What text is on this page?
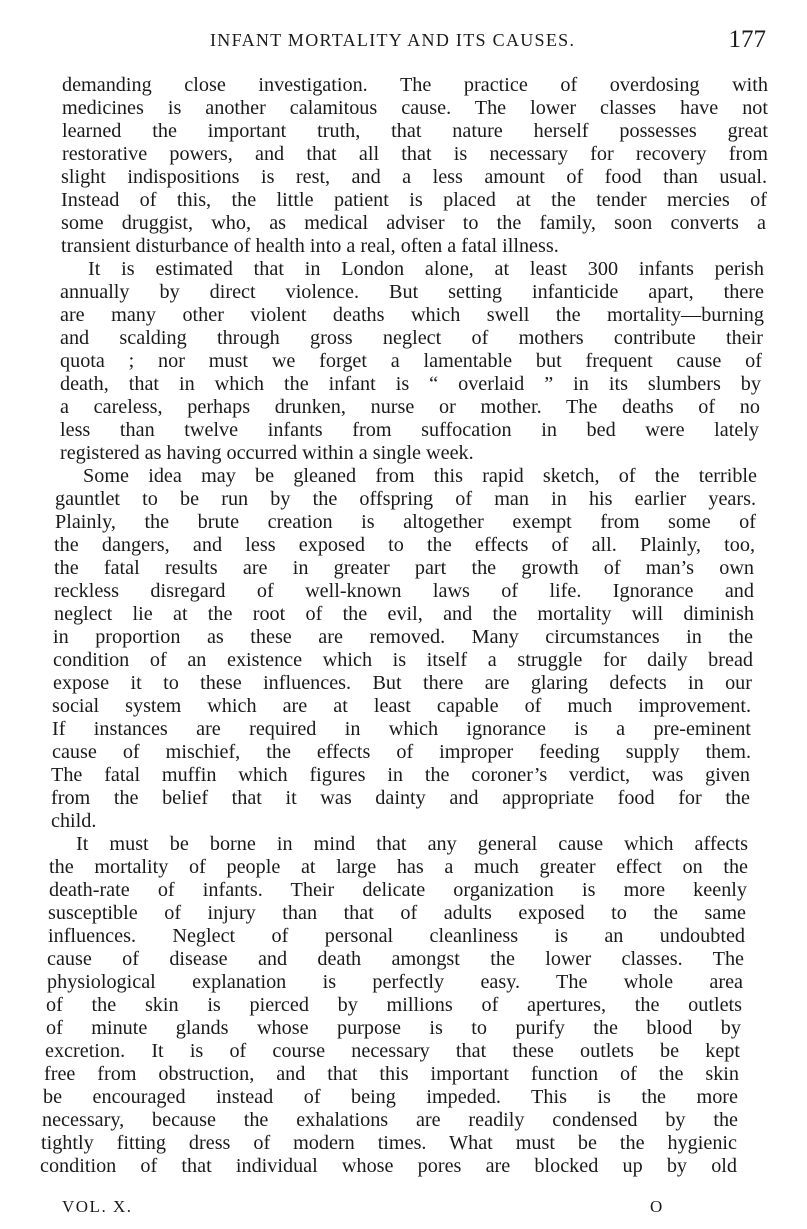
INFANT MORTALITY AND ITS CAUSES.	177
demanding close investigation. The practice of overdosing with
medicines is another calamitous cause. The lower classes have not
learned the important truth, that nature herself possesses great
restorative powers, and that all that is necessary for recovery from
slight indispositions is rest, and a less amount of food than usual.
Instead of this, the little patient is placed at the tender mercies of
some druggist, who, as medical adviser to the family, soon converts a
transient disturbance of health into a real, often a fatal illness.
It is estimated that in London alone, at least 300 infants perish
annually by direct violence. But setting infanticide apart, there
are many other violent deaths which swell the mortality—burning
and scalding through gross neglect of mothers contribute their
quota ; nor must we forget a lamentable but frequent cause of
death, that in which the infant is “ overlaid ” in its slumbers by
a careless, perhaps drunken, nurse or mother. The deaths of no
less than twelve infants from suffocation in bed were lately
registered as having occurred within a single week.
Some idea may be gleaned from this rapid sketch, of the terrible
gauntlet to be run by the offspring of man in his earlier years.
Plainly, the brute creation is altogether exempt from some of
the dangers, and less exposed to the effects of all. Plainly, too,
the fatal results are in greater part the growth of man’s own
reckless disregard of well-known laws of life. Ignorance and
neglect lie at the root of the evil, and the mortality will diminish
in proportion as these are removed. Many circumstances in the
condition of an existence which is itself a struggle for daily bread
expose it to these influences. But there are glaring defects in our
social system which are at least capable of much improvement.
If instances are required in which ignorance is a pre-eminent
cause of mischief, the effects of improper feeding supply them.
The fatal muffin which figures in the coroner’s verdict, was given
from the belief that it was dainty and appropriate food for the
child.
It must be borne in mind that any general cause which affects
the mortality of people at large has a much greater effect on the
death-rate of infants. Their delicate organization is more keenly
susceptible of injury than that of adults exposed to the same
influences. Neglect of personal cleanliness is an undoubted
cause of disease and death amongst the lower classes. The
physiological explanation is perfectly easy. The whole area
of the skin is pierced by millions of apertures, the outlets
of minute glands whose purpose is to purify the blood by
excretion. It is of course necessary that these outlets be kept
free from obstruction, and that this important function of the skin
be encouraged instead of being impeded. This is the more
necessary, because the exhalations are readily condensed by the
tightly fitting dress of modern times. What must be the hygienic
condition of that individual whose pores are blocked up by old
VOL. X.	O
